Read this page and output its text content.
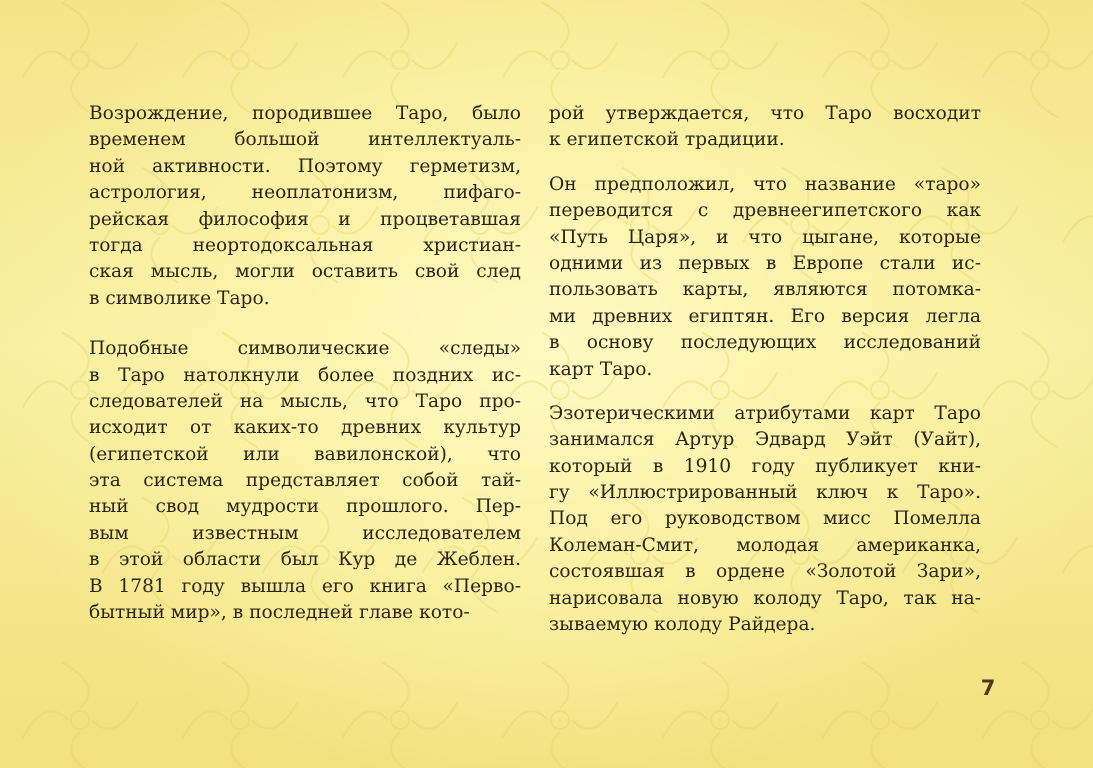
Возрождение, породившее Таро, было
временем большой интеллектуаль-
ной активности. Поэтому герметизм,
астрология, неоплатонизм, пифаго-
рейская философия и процветавшая
тогда неортодоксальная христиан-
ская мысль, могли оставить свой след
в символике Таро.
Подобные символические «следы»
в Таро натолкнули более поздних ис-
следователей на мысль, что Таро про-
исходит от каких-то древних культур
(египетской или вавилонской), что
эта система представляет собой тай-
ный свод мудрости прошлого. Пер-
вым известным исследователем
в этой области был Кур де Жеблен.
В 1781 году вышла его книга «Перво-
бытный мир», в последней главе кото-
рой утверждается, что Таро восходит
к египетской традиции.
Он предположил, что название «таро»
переводится с древнеегипетского как
«Путь Царя», и что цыгане, которые
одними из первых в Европе стали ис-
пользовать карты, являются потомка-
ми древних египтян. Его версия легла
в основу последующих исследований
карт Таро.
Эзотерическими атрибутами карт Таро
занимался Артур Эдвард Уэйт (Уайт),
который в 1910 году публикует кни-
гу «Иллюстрированный ключ к Таро».
Под его руководством мисс Помелла
Колеман-Смит, молодая американка,
состоявшая в ордене «Золотой Зари»,
нарисовала новую колоду Таро, так на-
зываемую колоду Райдера.
7
